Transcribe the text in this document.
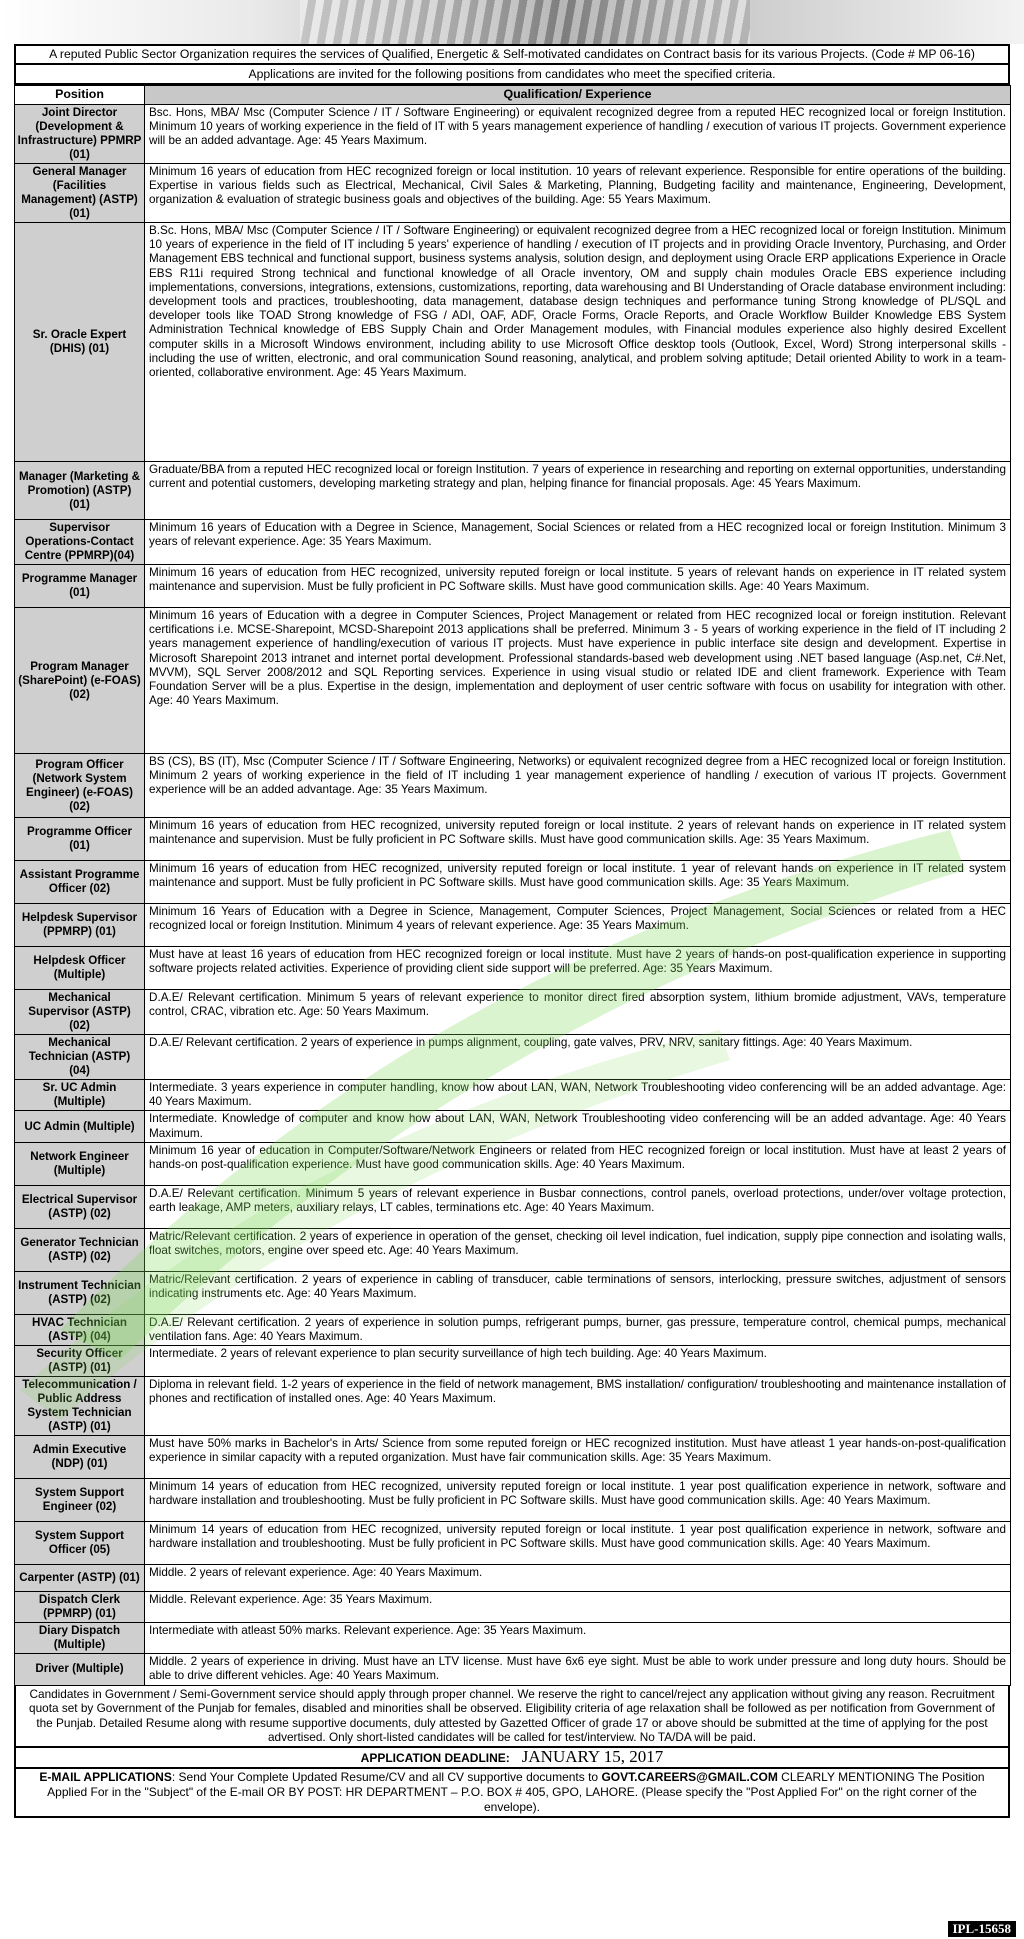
A reputed Public Sector Organization requires the services of Qualified, Energetic & Self-motivated candidates on Contract basis for its various Projects. (Code # MP 06-16)
Applications are invited for the following positions from candidates who meet the specified criteria.
Position	Qualification/ Experience
Joint Director (Development & Infrastructure) PPMRP (01)	Bsc. Hons, MBA/ Msc (Computer Science / IT / Software Engineering) or equivalent recognized degree from a reputed HEC recognized local or foreign Institution. Minimum 10 years of working experience in the field of IT with 5 years management experience of handling / execution of various IT projects. Government experience will be an added advantage. Age: 45 Years Maximum.
General Manager (Facilities Management) (ASTP) (01)	Minimum 16 years of education from HEC recognized foreign or local institution. 10 years of relevant experience. Responsible for entire operations of the building. Expertise in various fields such as Electrical, Mechanical, Civil Sales & Marketing, Planning, Budgeting facility and maintenance, Engineering, Development, organization & evaluation of strategic business goals and objectives of the building. Age: 55 Years Maximum.
Sr. Oracle Expert (DHIS) (01)	B.Sc. Hons, MBA/ Msc (Computer Science / IT / Software Engineering) or equivalent recognized degree from a HEC recognized local or foreign Institution. Minimum 10 years of experience in the field of IT including 5 years' experience of handling / execution of IT projects and in providing Oracle Inventory, Purchasing, and Order Management EBS technical and functional support, business systems analysis, solution design, and deployment using Oracle ERP applications Experience in Oracle EBS R11i required Strong technical and functional knowledge of all Oracle inventory, OM and supply chain modules Oracle EBS experience including implementations, conversions, integrations, extensions, customizations, reporting, data warehousing and BI Understanding of Oracle database environment including: development tools and practices, troubleshooting, data management, database design techniques and performance tuning Strong knowledge of PL/SQL and developer tools like TOAD Strong knowledge of FSG / ADI, OAF, ADF, Oracle Forms, Oracle Reports, and Oracle Workflow Builder Knowledge EBS System Administration Technical knowledge of EBS Supply Chain and Order Management modules, with Financial modules experience also highly desired Excellent computer skills in a Microsoft Windows environment, including ability to use Microsoft Office desktop tools (Outlook, Excel, Word) Strong interpersonal skills - including the use of written, electronic, and oral communication Sound reasoning, analytical, and problem solving aptitude; Detail oriented Ability to work in a team-oriented, collaborative environment. Age: 45 Years Maximum.
Manager (Marketing & Promotion) (ASTP) (01)	Graduate/BBA from a reputed HEC recognized local or foreign Institution. 7 years of experience in researching and reporting on external opportunities, understanding current and potential customers, developing marketing strategy and plan, helping finance for financial proposals. Age: 45 Years Maximum.
Supervisor Operations-Contact Centre (PPMRP)(04)	Minimum 16 years of Education with a Degree in Science, Management, Social Sciences or related from a HEC recognized local or foreign Institution. Minimum 3 years of relevant experience. Age: 35 Years Maximum.
Programme Manager (01)	Minimum 16 years of education from HEC recognized, university reputed foreign or local institute. 5 years of relevant hands on experience in IT related system maintenance and supervision. Must be fully proficient in PC Software skills. Must have good communication skills. Age: 40 Years Maximum.
Program Manager (SharePoint) (e-FOAS) (02)	Minimum 16 years of Education with a degree in Computer Sciences, Project Management or related from HEC recognized local or foreign institution. Relevant certifications i.e. MCSE-Sharepoint, MCSD-Sharepoint 2013 applications shall be preferred. Minimum 3 - 5 years of working experience in the field of IT including 2 years management experience of handling/execution of various IT projects. Must have experience in public interface site design and development. Expertise in Microsoft Sharepoint 2013 intranet and internet portal development. Professional standards-based web development using .NET based language (Asp.net, C#.Net, MVVM), SQL Server 2008/2012 and SQL Reporting services. Experience in using visual studio or related IDE and client framework. Experience with Team Foundation Server will be a plus. Expertise in the design, implementation and deployment of user centric software with focus on usability for integration with other. Age: 40 Years Maximum.
Program Officer (Network System Engineer) (e-FOAS) (02)	BS (CS), BS (IT), Msc (Computer Science / IT / Software Engineering, Networks) or equivalent recognized degree from a HEC recognized local or foreign Institution. Minimum 2 years of working experience in the field of IT including 1 year management experience of handling / execution of various IT projects. Government experience will be an added advantage. Age: 35 Years Maximum.
Programme Officer (01)	Minimum 16 years of education from HEC recognized, university reputed foreign or local institute. 2 years of relevant hands on experience in IT related system maintenance and supervision. Must be fully proficient in PC Software skills. Must have good communication skills. Age: 35 Years Maximum.
Assistant Programme Officer (02)	Minimum 16 years of education from HEC recognized, university reputed foreign or local institute. 1 year of relevant hands on experience in IT related system maintenance and support. Must be fully proficient in PC Software skills. Must have good communication skills. Age: 35 Years Maximum.
Helpdesk Supervisor (PPMRP) (01)	Minimum 16 Years of Education with a Degree in Science, Management, Computer Sciences, Project Management, Social Sciences or related from a HEC recognized local or foreign Institution. Minimum 4 years of relevant experience. Age: 35 Years Maximum.
Helpdesk Officer (Multiple)	Must have at least 16 years of education from HEC recognized foreign or local institute. Must have 2 years of hands-on post-qualification experience in supporting software projects related activities. Experience of providing client side support will be preferred. Age: 35 Years Maximum.
Mechanical Supervisor (ASTP) (02)	D.A.E/ Relevant certification. Minimum 5 years of relevant experience to monitor direct fired absorption system, lithium bromide adjustment, VAVs, temperature control, CRAC, vibration etc. Age: 50 Years Maximum.
Mechanical Technician (ASTP) (04)	D.A.E/ Relevant certification. 2 years of experience in pumps alignment, coupling, gate valves, PRV, NRV, sanitary fittings. Age: 40 Years Maximum.
Sr. UC Admin (Multiple)	Intermediate. 3 years experience in computer handling, know how about LAN, WAN, Network Troubleshooting video conferencing will be an added advantage. Age: 40 Years Maximum.
UC Admin (Multiple)	Intermediate. Knowledge of computer and know how about LAN, WAN, Network Troubleshooting video conferencing will be an added advantage. Age: 40 Years Maximum.
Network Engineer (Multiple)	Minimum 16 year of education in Computer/Software/Network Engineers or related from HEC recognized foreign or local institution. Must have at least 2 years of hands-on post-qualification experience. Must have good communication skills. Age: 40 Years Maximum.
Electrical Supervisor (ASTP) (02)	D.A.E/ Relevant certification. Minimum 5 years of relevant experience in Busbar connections, control panels, overload protections, under/over voltage protection, earth leakage, AMP meters, auxiliary relays, LT cables, terminations etc. Age: 40 Years Maximum.
Generator Technician (ASTP) (02)	Matric/Relevant certification. 2 years of experience in operation of the genset, checking oil level indication, fuel indication, supply pipe connection and isolating walls, float switches, motors, engine over speed etc. Age: 40 Years Maximum.
Instrument Technician (ASTP) (02)	Matric/Relevant certification. 2 years of experience in cabling of transducer, cable terminations of sensors, interlocking, pressure switches, adjustment of sensors indicating instruments etc. Age: 40 Years Maximum.
HVAC Technician (ASTP) (04)	D.A.E/ Relevant certification. 2 years of experience in solution pumps, refrigerant pumps, burner, gas pressure, temperature control, chemical pumps, mechanical ventilation fans. Age: 40 Years Maximum.
Security Officer (ASTP) (01)	Intermediate. 2 years of relevant experience to plan security surveillance of high tech building. Age: 40 Years Maximum.
Telecommunication / Public Address System Technician (ASTP) (01)	Diploma in relevant field. 1-2 years of experience in the field of network management, BMS installation/ configuration/ troubleshooting and maintenance installation of phones and rectification of installed ones. Age: 40 Years Maximum.
Admin Executive (NDP) (01)	Must have 50% marks in Bachelor's in Arts/ Science from some reputed foreign or HEC recognized institution. Must have atleast 1 year hands-on-post-qualification experience in similar capacity with a reputed organization. Must have fair communication skills. Age: 35 Years Maximum.
System Support Engineer (02)	Minimum 14 years of education from HEC recognized, university reputed foreign or local institute. 1 year post qualification experience in network, software and hardware installation and troubleshooting. Must be fully proficient in PC Software skills. Must have good communication skills. Age: 40 Years Maximum.
System Support Officer (05)	Minimum 14 years of education from HEC recognized, university reputed foreign or local institute. 1 year post qualification experience in network, software and hardware installation and troubleshooting. Must be fully proficient in PC Software skills. Must have good communication skills. Age: 40 Years Maximum.
Carpenter (ASTP) (01)	Middle. 2 years of relevant experience. Age: 40 Years Maximum.
Dispatch Clerk (PPMRP) (01)	Middle. Relevant experience. Age: 35 Years Maximum.
Diary Dispatch (Multiple)	Intermediate with atleast 50% marks. Relevant experience. Age: 35 Years Maximum.
Driver (Multiple)	Middle. 2 years of experience in driving. Must have an LTV license. Must have 6x6 eye sight. Must be able to work under pressure and long duty hours. Should be able to drive different vehicles. Age: 40 Years Maximum.
Candidates in Government / Semi-Government service should apply through proper channel. We reserve the right to cancel/reject any application without giving any reason. Recruitment quota set by Government of the Punjab for females, disabled and minorities shall be observed. Eligibility criteria of age relaxation shall be followed as per notification from Government of the Punjab. Detailed Resume along with resume supportive documents, duly attested by Gazetted Officer of grade 17 or above should be submitted at the time of applying for the post advertised. Only short-listed candidates will be called for test/interview. No TA/DA will be paid.
APPLICATION DEADLINE: JANUARY 15, 2017
E-MAIL APPLICATIONS: Send Your Complete Updated Resume/CV and all CV supportive documents to GOVT.CAREERS@GMAIL.COM CLEARLY MENTIONING The Position Applied For in the "Subject" of the E-mail OR BY POST: HR DEPARTMENT – P.O. BOX # 405, GPO, LAHORE. (Please specify the "Post Applied For" on the right corner of the envelope).
IPL-15658
